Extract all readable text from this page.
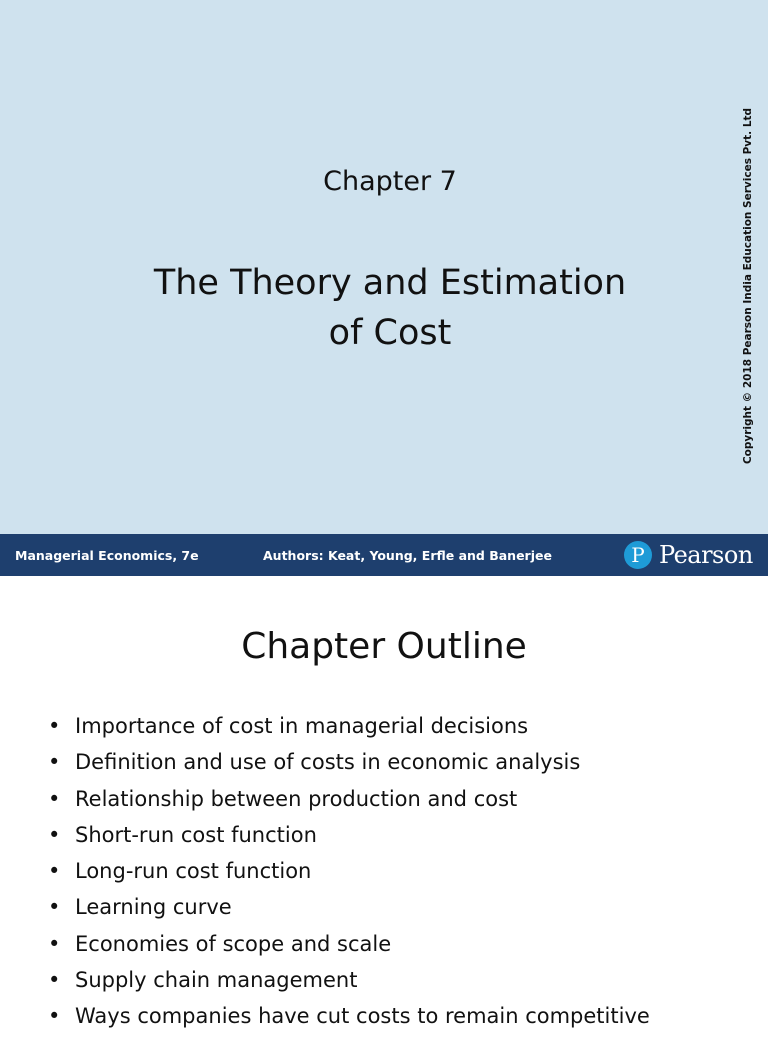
Chapter 7
The Theory and Estimation
of Cost	Copyright © 2018 Pearson India Education Services Pvt. Ltd
Managerial Economics, 7e	Authors: Keat, Young, Erfle and Banerjee	P Pearson
Chapter Outline
• Importance of cost in managerial decisions
• Definition and use of costs in economic analysis
• Relationship between production and cost
• Short-run cost function
• Long-run cost function
• Learning curve
• Economies of scope and scale
• Supply chain management
• Ways companies have cut costs to remain competitive
